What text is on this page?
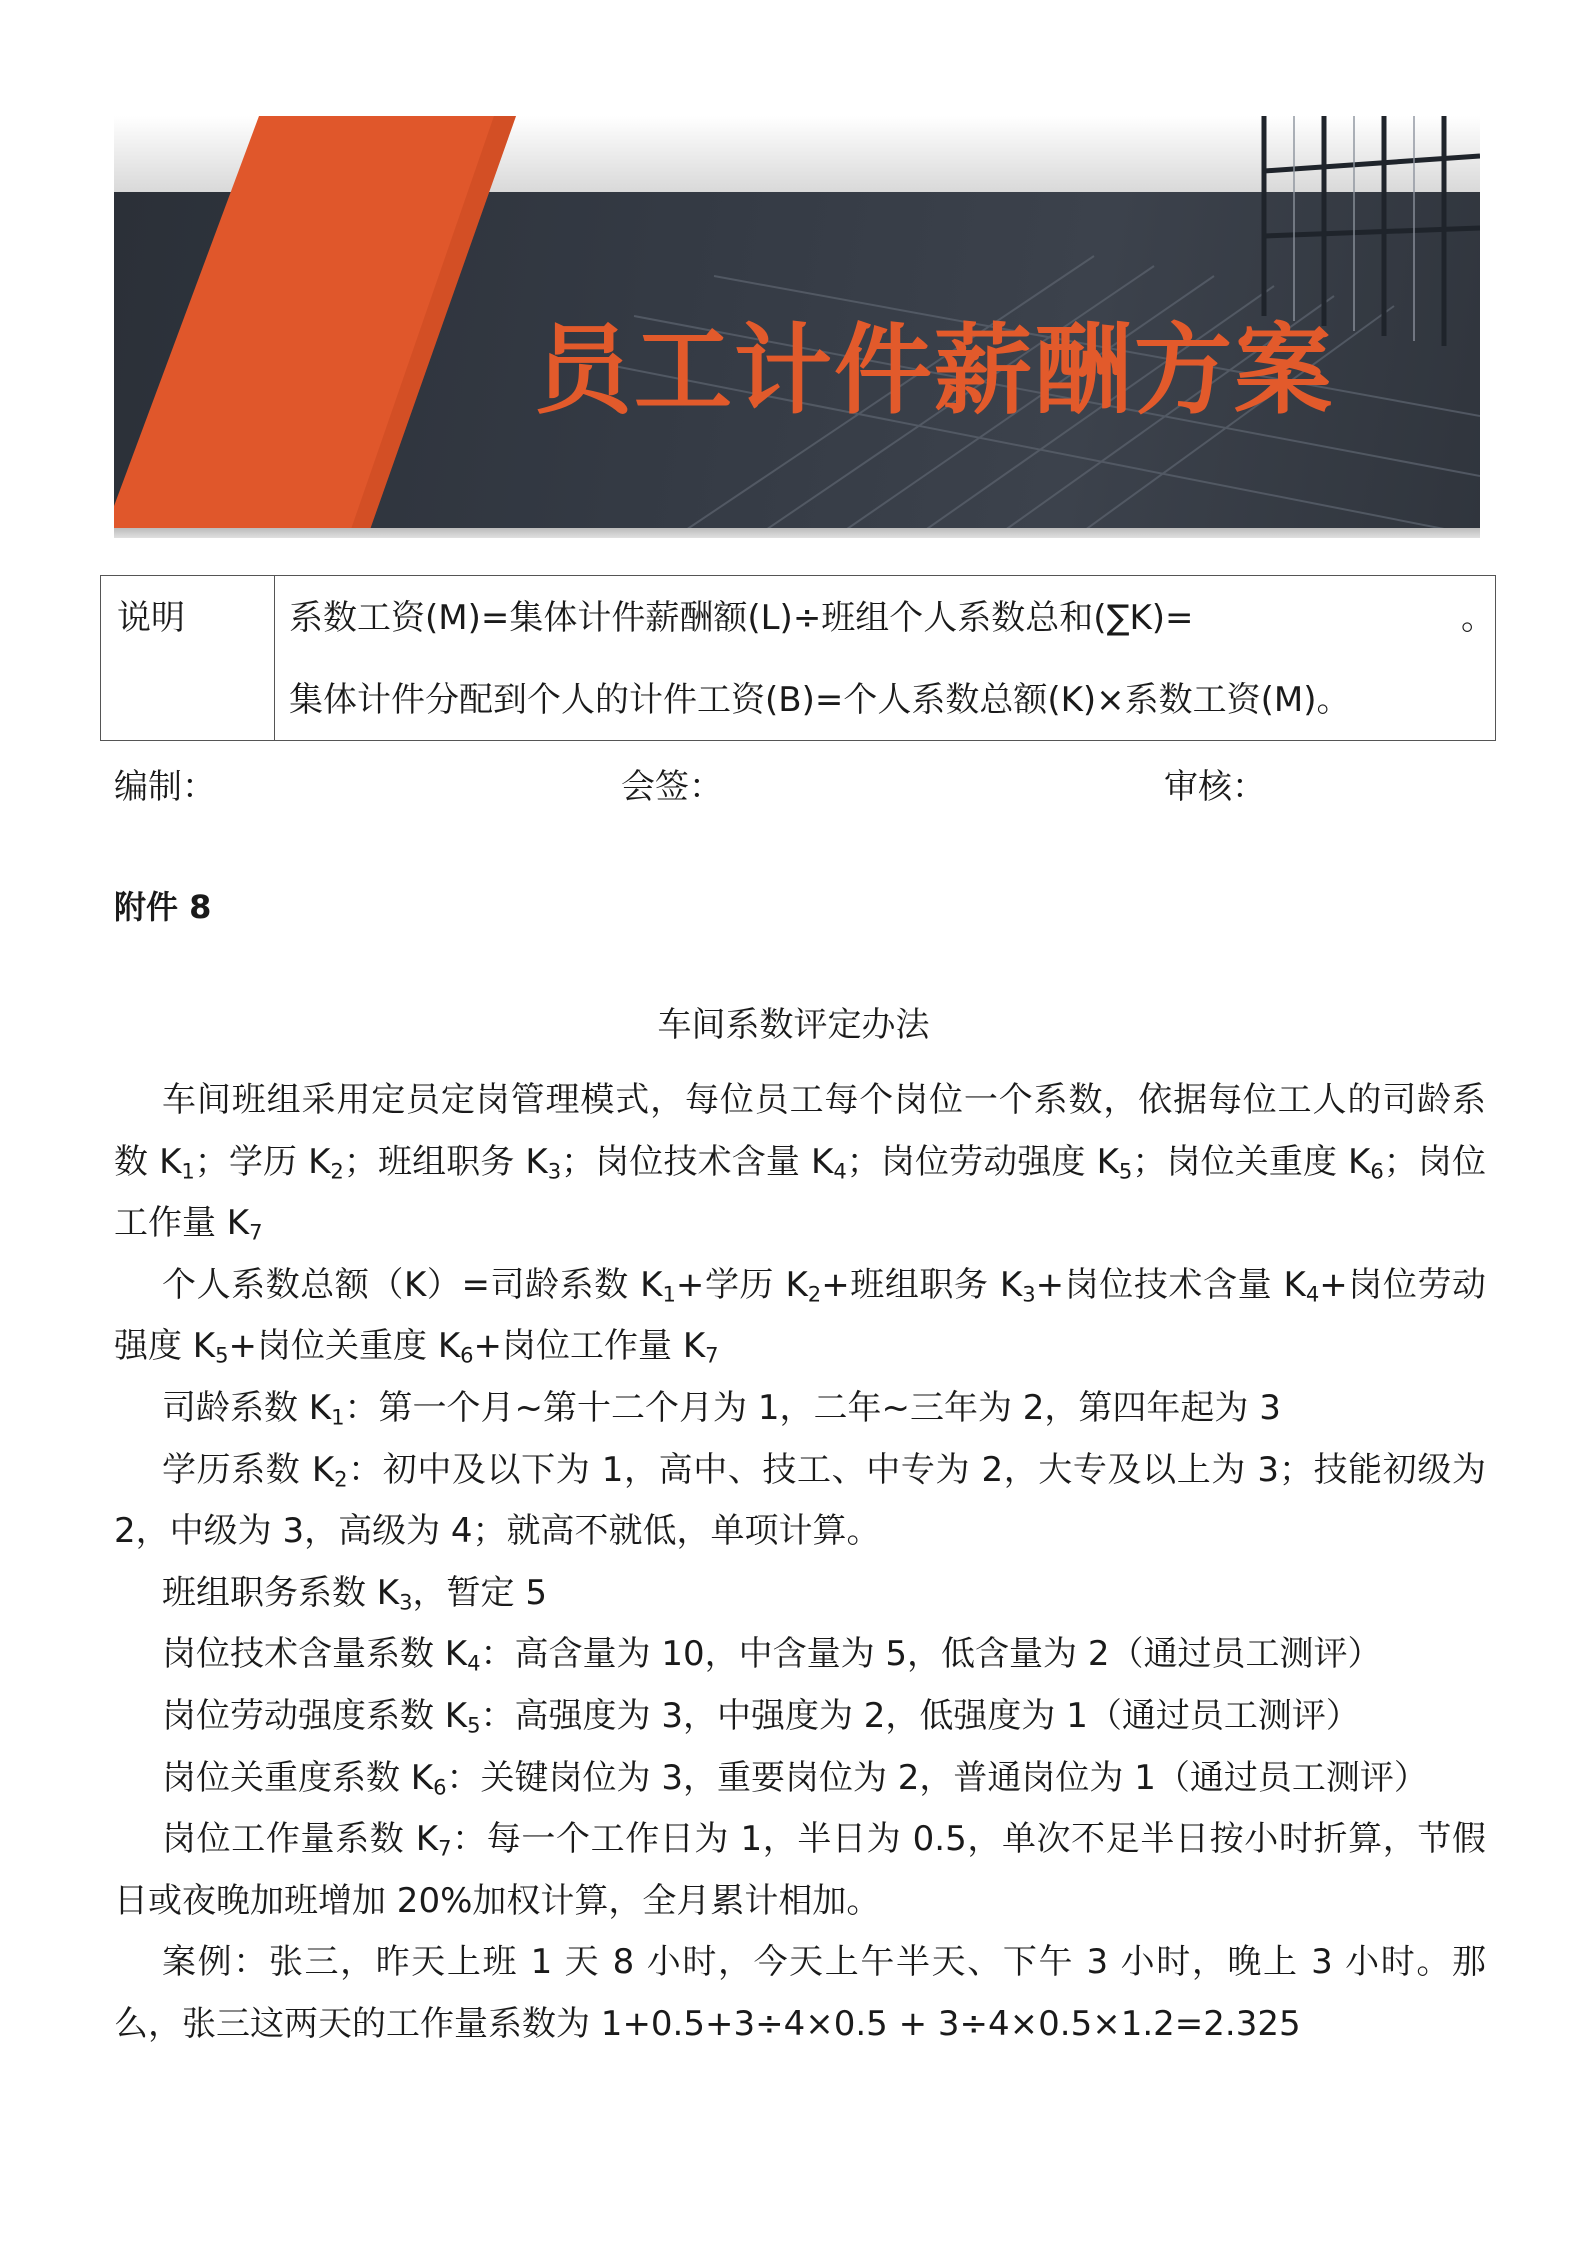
员工计件薪酬方案
说明	系数工资(M)=集体计件薪酬额(L)÷班组个人系数总和(∑K)=	。
集体计件分配到个人的计件工资(B)=个人系数总额(K)×系数工资(M)。
编制：	会签：	审核：
附件 8
车间系数评定办法

车间班组采用定员定岗管理模式，每位员工每个岗位一个系数，依据每位工人的司龄系数 $K_1$；学历 $K_2$；班组职务 $K_3$；岗位技术含量 $K_4$；岗位劳动强度 $K_5$；岗位关重度 $K_6$；岗位工作量 $K_7$

个人系数总额（K）=司龄系数 $K_1+$学历 $K_2+$班组职务 $K_3+$岗位技术含量 $K_4+$岗位劳动强度 $K_5+$岗位关重度 $K_6+$岗位工作量 $K_7$

司龄系数 $K_1$：第一个月~第十二个月为 1，二年~三年为 2，第四年起为 3

学历系数 $K_2$：初中及以下为 1，高中、技工、中专为 2，大专及以上为 3；技能初级为 2，中级为 3，高级为 4；就高不就低，单项计算。

班组职务系数 $K_3$，暂定 5

岗位技术含量系数 $K_4$：高含量为 10，中含量为 5，低含量为 2（通过员工测评）

岗位劳动强度系数 $K_5$：高强度为 3，中强度为 2，低强度为 1（通过员工测评）

岗位关重度系数 $K_6$：关键岗位为 3，重要岗位为 2，普通岗位为 1（通过员工测评）

岗位工作量系数 $K_7$：每一个工作日为 1，半日为 0.5，单次不足半日按小时折算，节假日或夜晚加班增加 20%加权计算，全月累计相加。

案例：张三，昨天上班 1 天 8 小时，今天上午半天、下午 3 小时，晚上 3 小时。那么，张三这两天的工作量系数为 1+0.5+3÷4×0.5 + 3÷4×0.5×1.2=2.325
